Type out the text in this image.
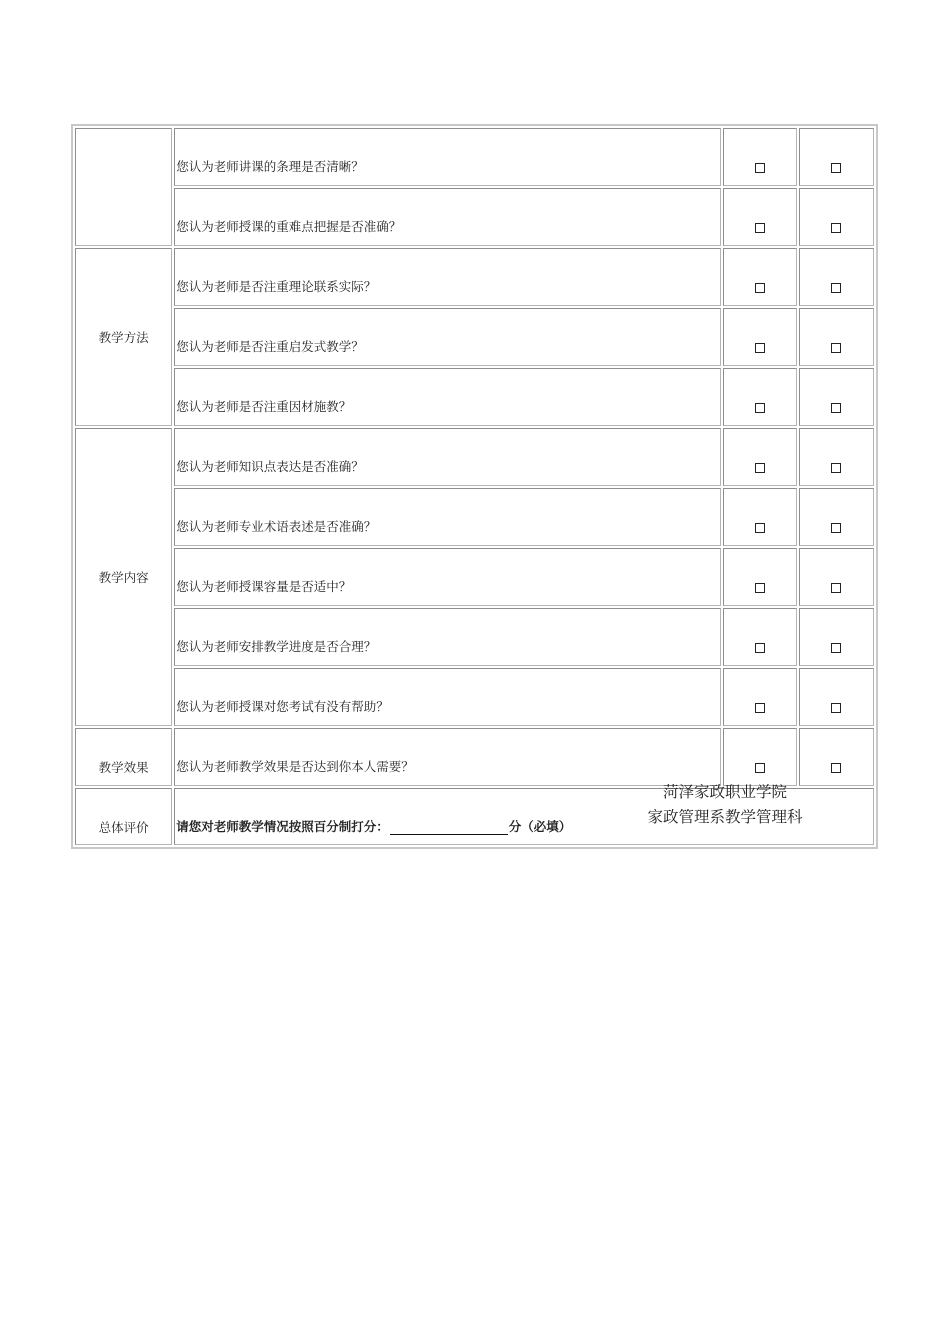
	您认为老师讲课的条理是否清晰？		
	您认为老师授课的重难点把握是否准确？		
教学方法	您认为老师是否注重理论联系实际？		
	您认为老师是否注重启发式教学？		
	您认为老师是否注重因材施教？		
教学内容	您认为老师知识点表达是否准确？		
	您认为老师专业术语表述是否准确？		
	您认为老师授课容量是否适中？		
	您认为老师安排教学进度是否合理？		
	您认为老师授课对您考试有没有帮助？		
教学效果	您认为老师教学效果是否达到你本人需要？		
总体评价	请您对老师教学情况按照百分制打分： 分（必填）		
菏泽家政职业学院
家政管理系教学管理科
